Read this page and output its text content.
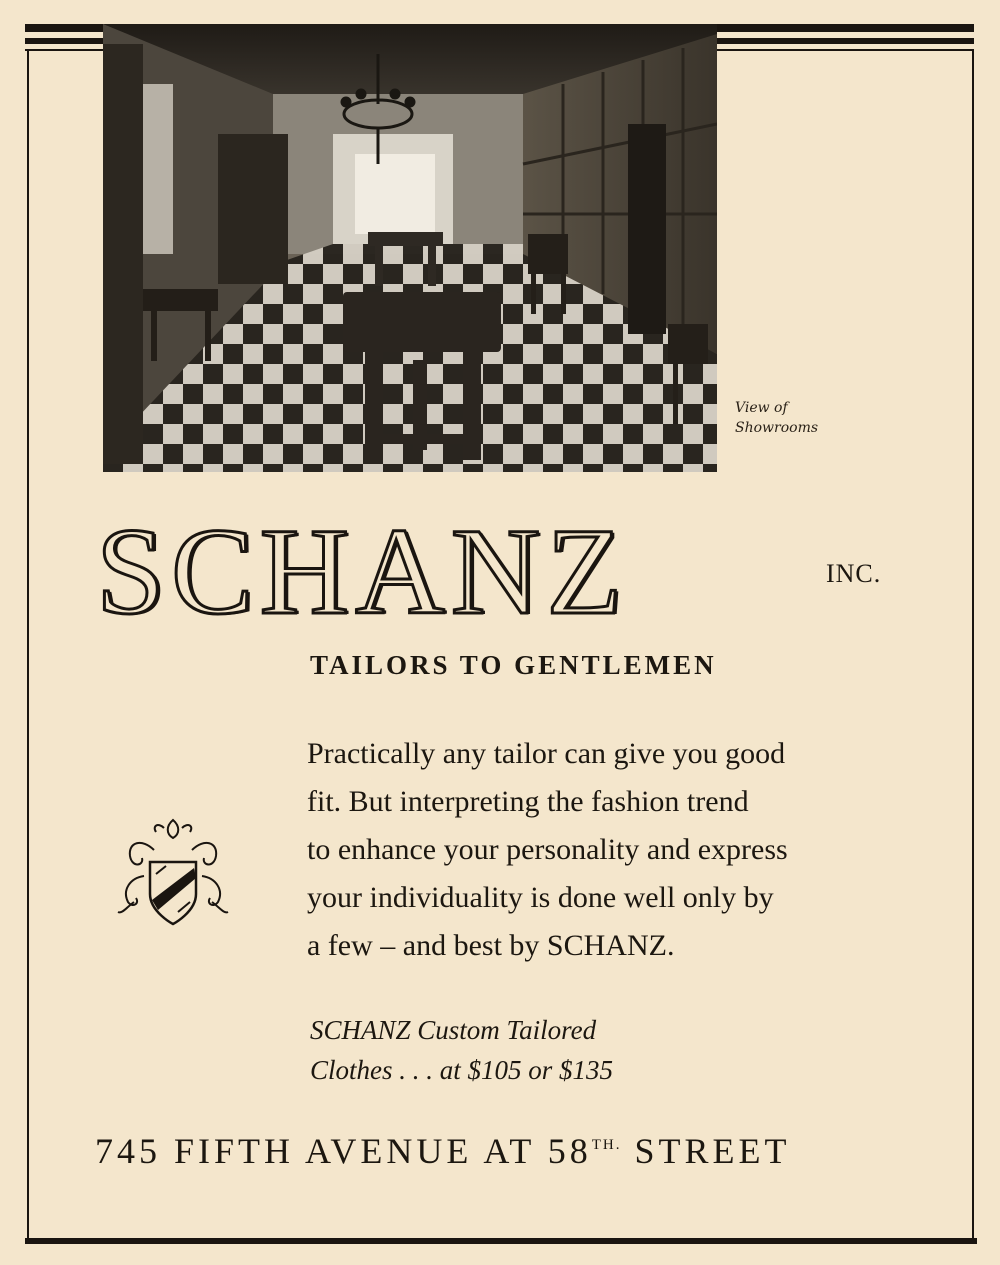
View of
Showrooms
SCHANZ	INC.
TAILORS TO GENTLEMEN

Practically any tailor can give you good

fit. But interpreting the fashion trend

to enhance your personality and express

your individuality is done well only by

a few – and best by SCHANZ.

SCHANZ Custom Tailored

Clothes . . . at $105 or $135

745 FIFTH AVENUE AT $58^{TH.}$ STREET
